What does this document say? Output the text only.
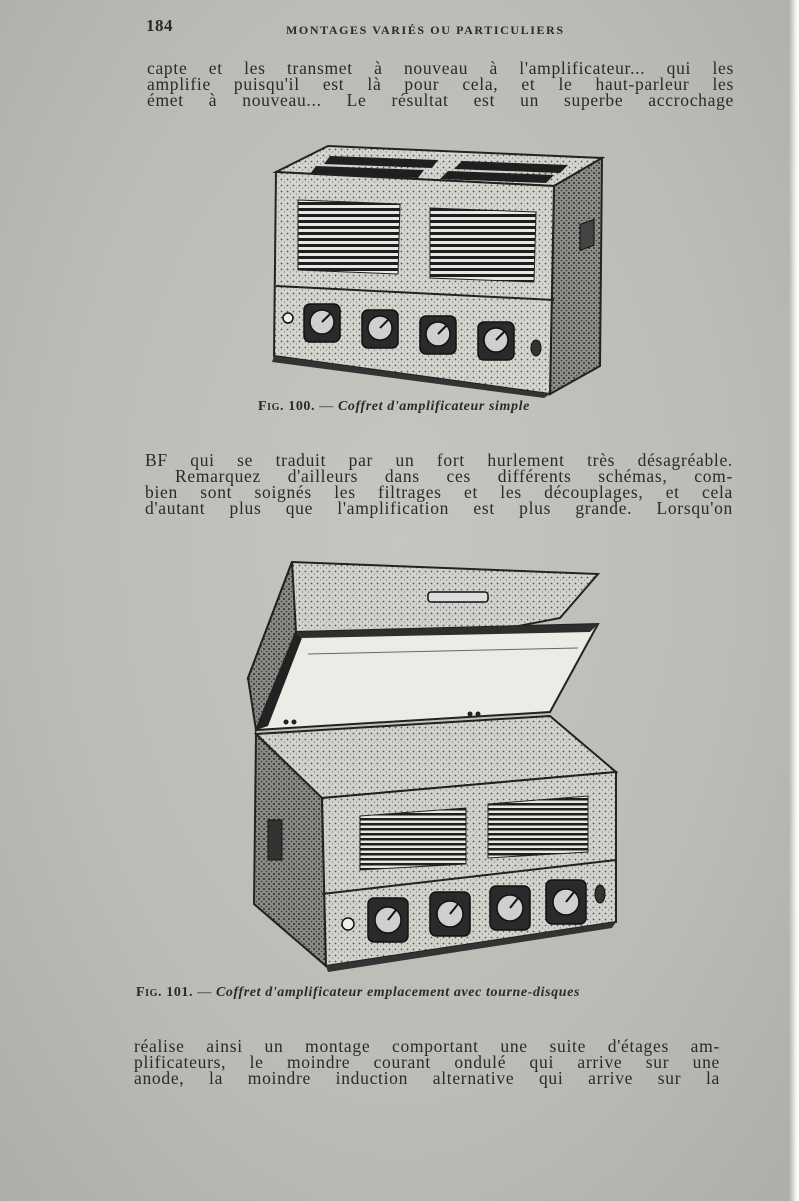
184	MONTAGES VARIÉS OU PARTICULIERS
capte et les transmet à nouveau à l'amplificateur... qui les
amplifie puisqu'il est là pour cela, et le haut-parleur les
émet à nouveau... Le résultat est un superbe accrochage
Fig. 100. — Coffret d'amplificateur simple
BF qui se traduit par un fort hurlement très désagréable.
Remarquez d'ailleurs dans ces différents schémas, com-
bien sont soignés les filtrages et les découplages, et cela
d'autant plus que l'amplification est plus grande. Lorsqu'on
Fig. 101. — Coffret d'amplificateur emplacement avec tourne-disques
réalise ainsi un montage comportant une suite d'étages am-
plificateurs, le moindre courant ondulé qui arrive sur une
anode, la moindre induction alternative qui arrive sur la
